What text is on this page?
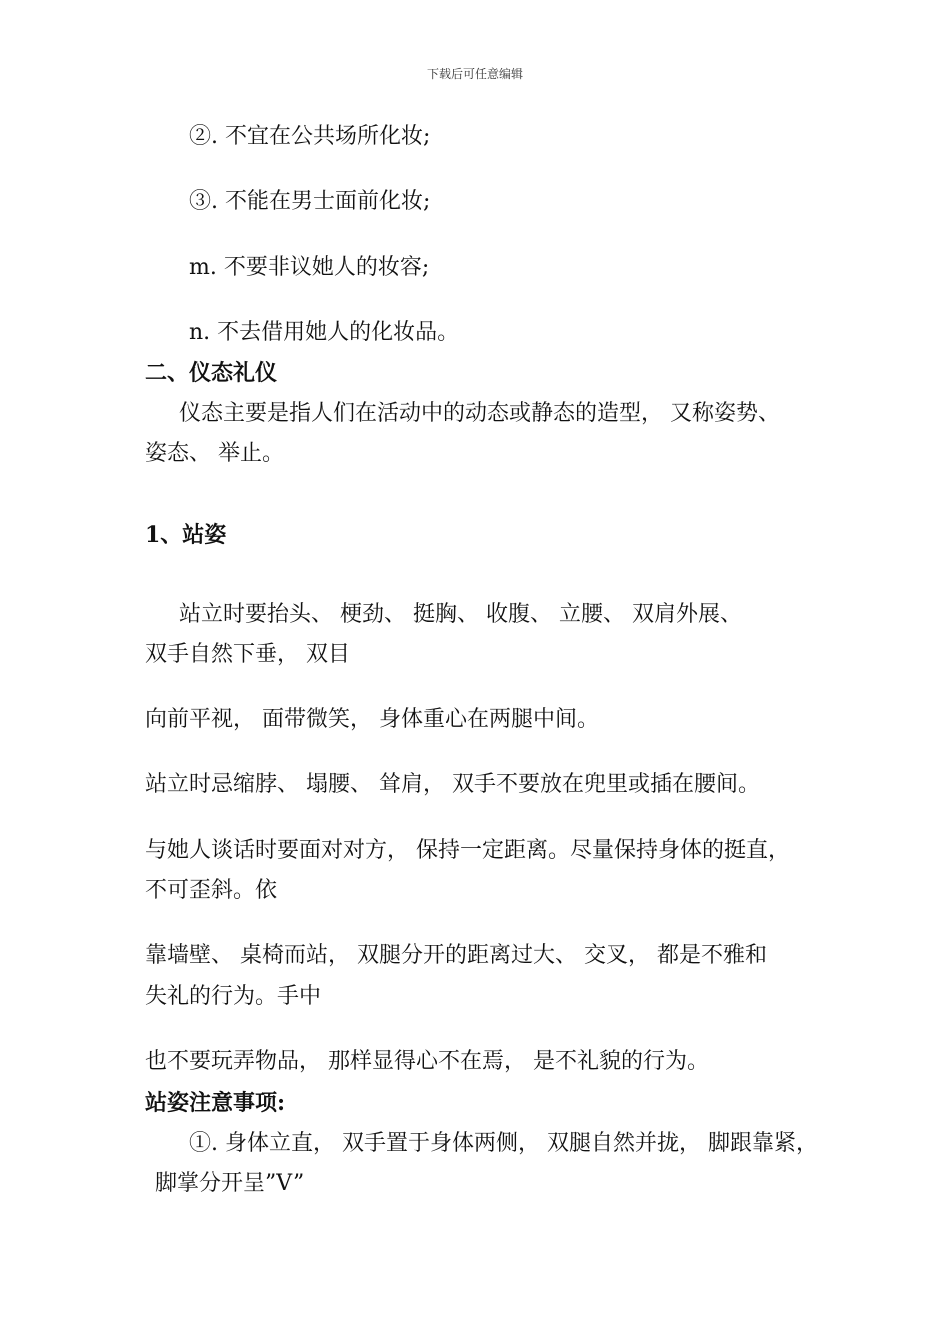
下载后可任意编辑
②. 不宜在公共场所化妆;
③. 不能在男士面前化妆;
m. 不要非议她人的妆容;
n. 不去借用她人的化妆品。
二、仪态礼仪
仪态主要是指人们在活动中的动态或静态的造型， 又称姿势、
姿态、 举止。
1、站姿
站立时要抬头、 梗劲、 挺胸、 收腹、 立腰、 双肩外展、
双手自然下垂， 双目
向前平视， 面带微笑， 身体重心在两腿中间。
站立时忌缩脖、 塌腰、 耸肩， 双手不要放在兜里或插在腰间。
与她人谈话时要面对对方， 保持一定距离。尽量保持身体的挺直，
不可歪斜。依
靠墙壁、 桌椅而站， 双腿分开的距离过大、 交叉， 都是不雅和
失礼的行为。手中
也不要玩弄物品， 那样显得心不在焉， 是不礼貌的行为。
站姿注意事项:
①. 身体立直， 双手置于身体两侧， 双腿自然并拢， 脚跟靠紧，
脚掌分开呈”V”
